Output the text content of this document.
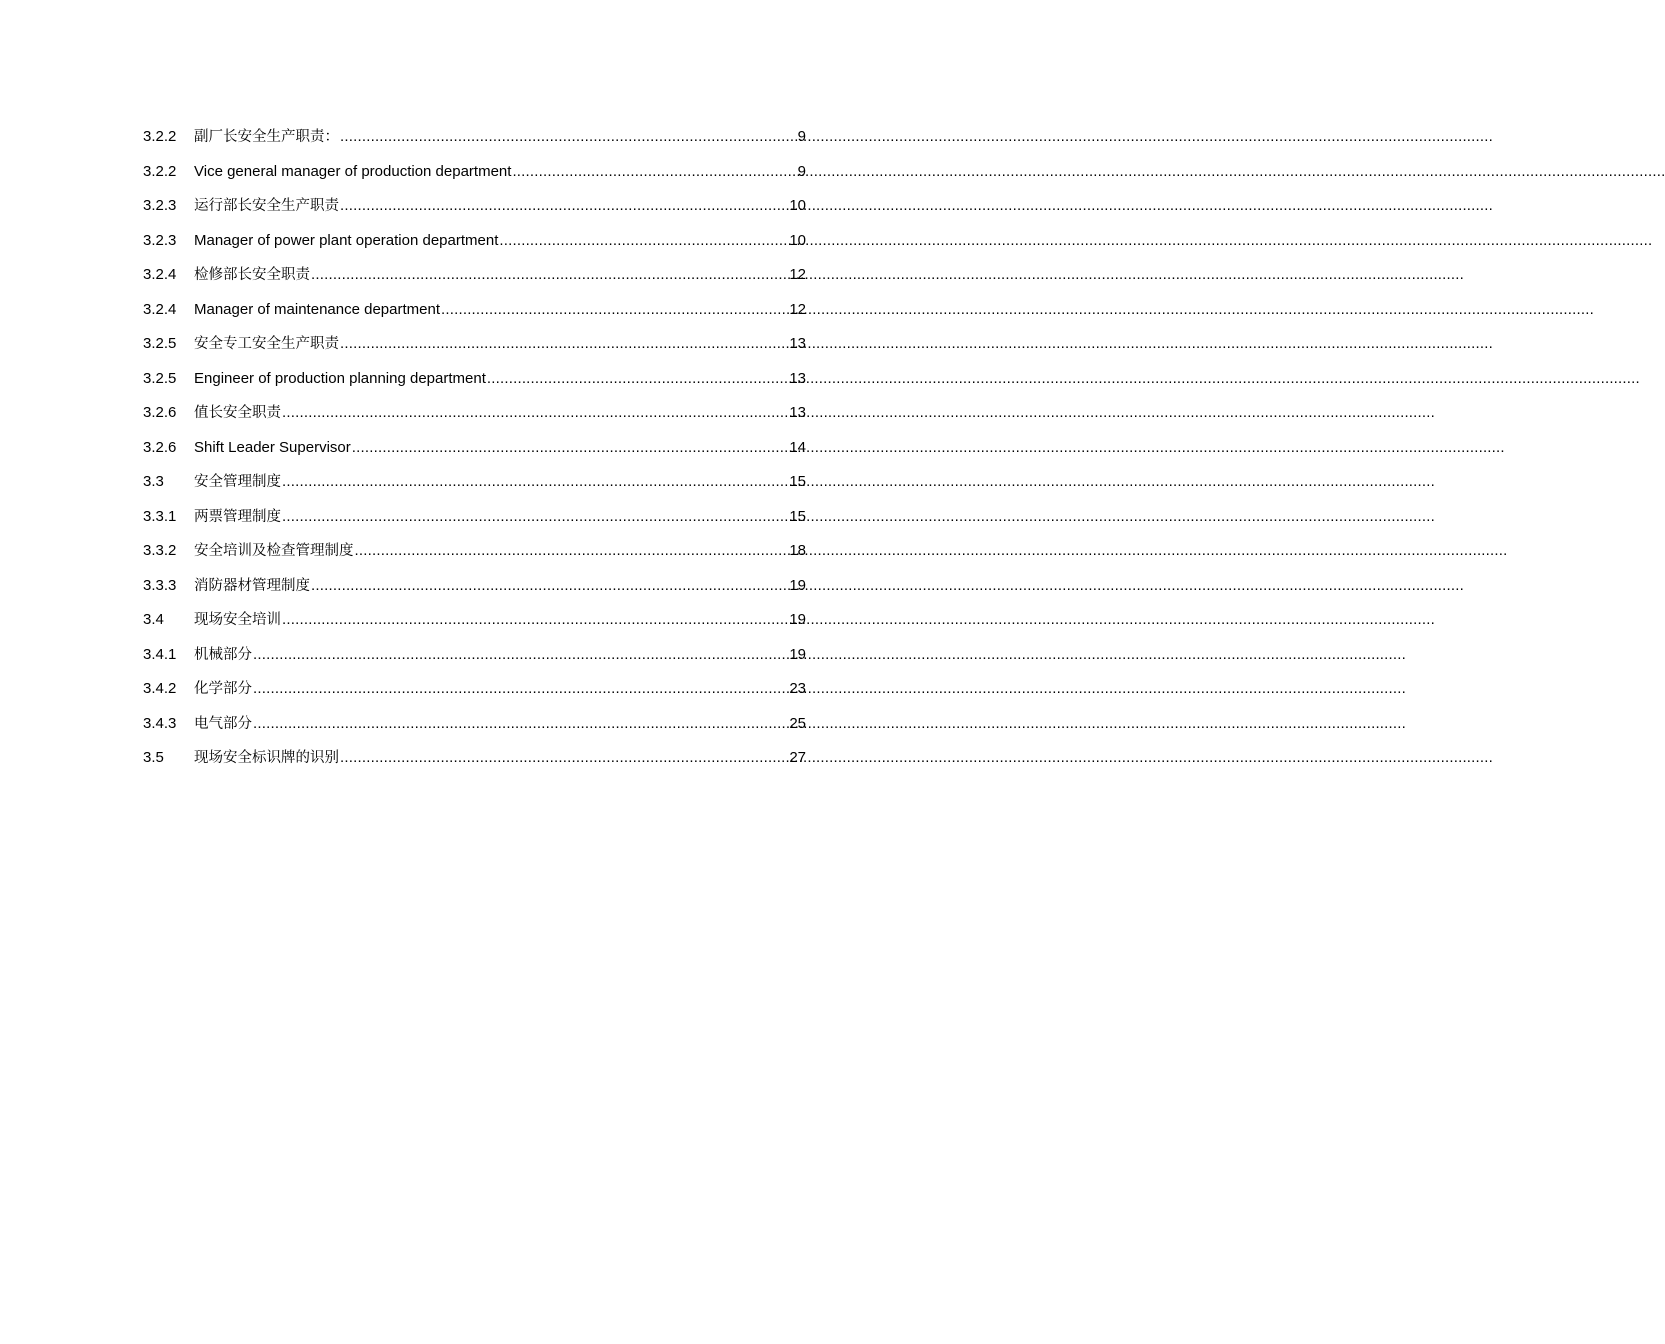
3.2.2	副厂长安全生产职责： .....	9
3.2.2	Vice general manager of production department .....	9
3.2.3	运行部长安全生产职责 .....	10
3.2.3	Manager of power plant operation department .....	10
3.2.4	检修部长安全职责 .....	12
3.2.4	Manager of maintenance department .....	12
3.2.5	安全专工安全生产职责 .....	13
3.2.5	Engineer of production planning department .....	13
3.2.6	值长安全职责 .....	13
3.2.6	Shift Leader Supervisor .....	14
3.3	安全管理制度 .....	15
3.3.1	两票管理制度 .....	15
3.3.2	安全培训及检查管理制度 .....	18
3.3.3	消防器材管理制度 .....	19
3.4	现场安全培训 .....	19
3.4.1	机械部分 .....	19
3.4.2	化学部分 .....	23
3.4.3	电气部分 .....	25
3.5	现场安全标识牌的识别 .....	27
